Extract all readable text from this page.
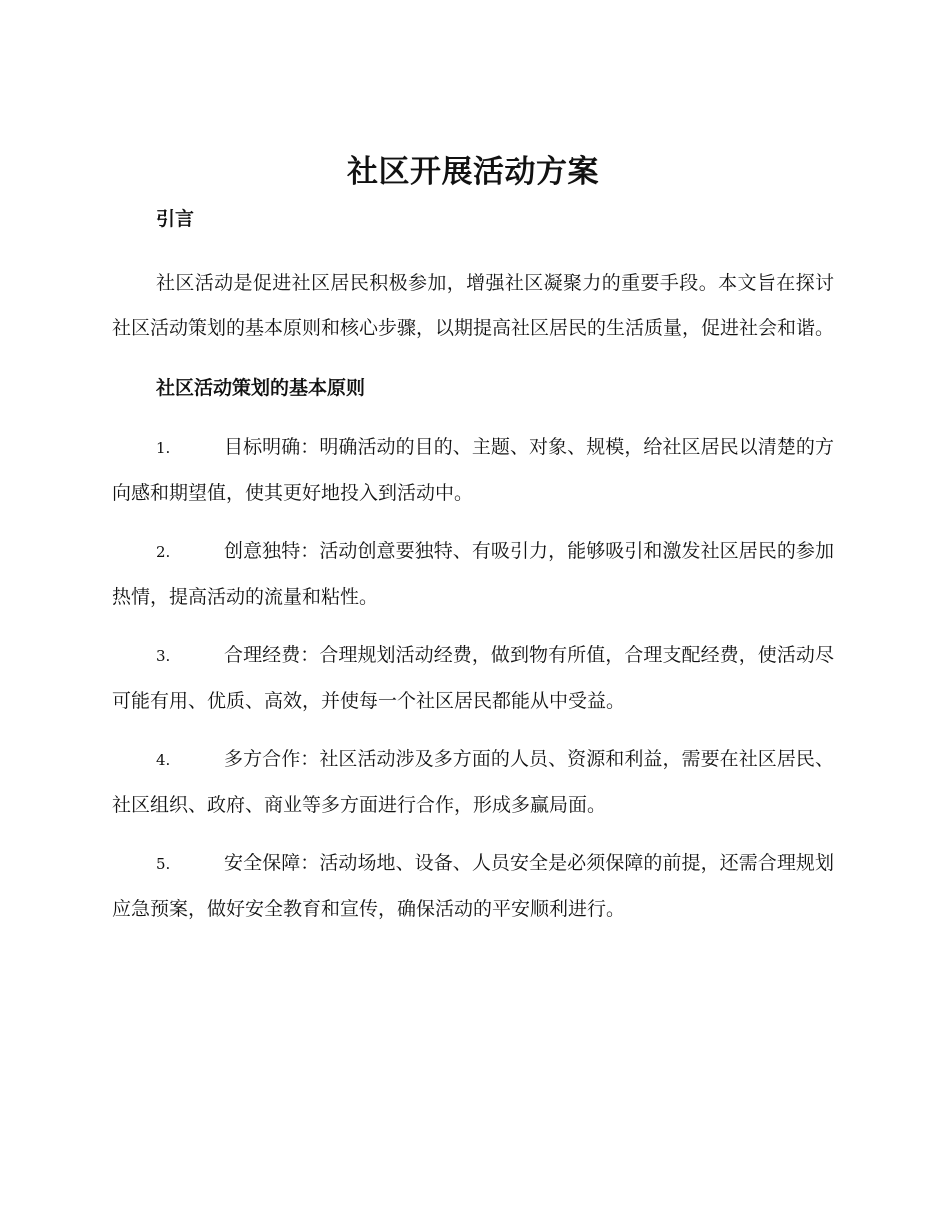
社区开展活动方案
引言

社区活动是促进社区居民积极参加，增强社区凝聚力的重要手段。本文旨在探讨社区活动策划的基本原则和核心步骤，以期提高社区居民的生活质量，促进社会和谐。

社区活动策划的基本原则
1.	目标明确：明确活动的目的、主题、对象、规模，给社区居民以清楚的方向感和期望值，使其更好地投入到活动中。
2.	创意独特：活动创意要独特、有吸引力，能够吸引和激发社区居民的参加热情，提高活动的流量和粘性。
3.	合理经费：合理规划活动经费，做到物有所值，合理支配经费，使活动尽可能有用、优质、高效，并使每一个社区居民都能从中受益。
4.	多方合作：社区活动涉及多方面的人员、资源和利益，需要在社区居民、社区组织、政府、商业等多方面进行合作，形成多赢局面。
5.	安全保障：活动场地、设备、人员安全是必须保障的前提，还需合理规划应急预案，做好安全教育和宣传，确保活动的平安顺利进行。
